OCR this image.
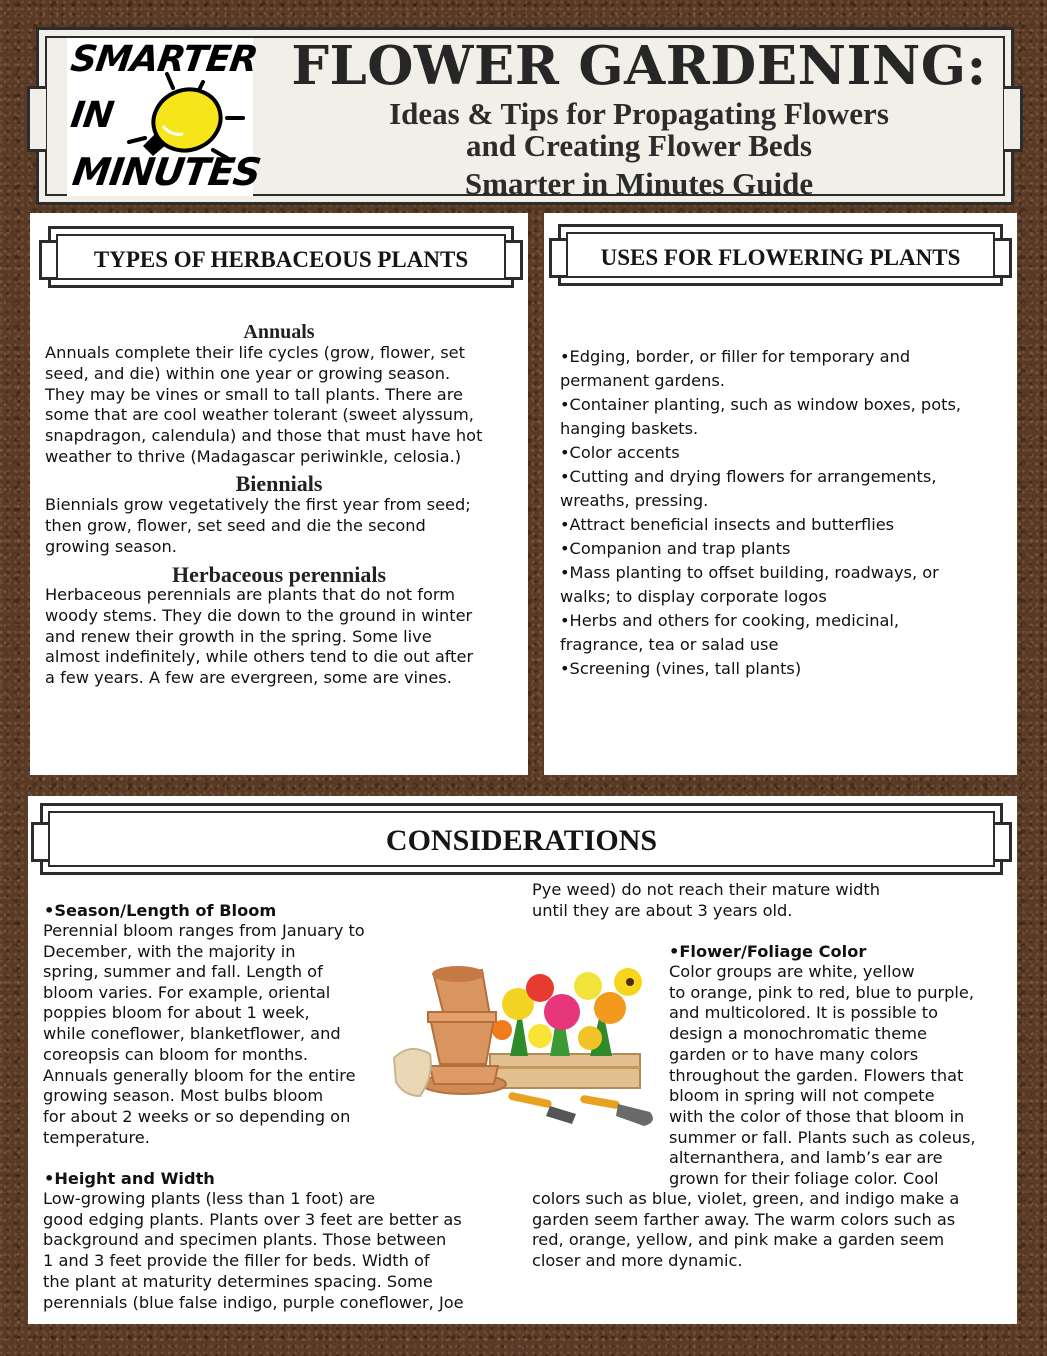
SMARTER
IN
MINUTES
FLOWER GARDENING:
Ideas & Tips for Propagating Flowers
and Creating Flower Beds
Smarter in Minutes Guide
TYPES OF HERBACEOUS PLANTS
Annuals
Annuals complete their life cycles (grow, flower, set
seed, and die) within one year or growing season.
They may be vines or small to tall plants. There are
some that are cool weather tolerant (sweet alyssum,
snapdragon, calendula) and those that must have hot
weather to thrive (Madagascar periwinkle, celosia.)
Biennials
Biennials grow vegetatively the first year from seed;
then grow, flower, set seed and die the second
growing season.
Herbaceous perennials
Herbaceous perennials are plants that do not form
woody stems. They die down to the ground in winter
and renew their growth in the spring. Some live
almost indefinitely, while others tend to die out after
a few years. A few are evergreen, some are vines.
USES FOR FLOWERING PLANTS
•Edging, border, or filler for temporary and
permanent gardens.
•Container planting, such as window boxes, pots,
hanging baskets.
•Color accents
•Cutting and drying flowers for arrangements,
wreaths, pressing.
•Attract beneficial insects and butterflies
•Companion and trap plants
•Mass planting to offset building, roadways, or
walks; to display corporate logos
•Herbs and others for cooking, medicinal,
fragrance, tea or salad use
•Screening (vines, tall plants)
CONSIDERATIONS
•Season/Length of Bloom
Perennial bloom ranges from January to
December, with the majority in
spring, summer and fall. Length of
bloom varies. For example, oriental
poppies bloom for about 1 week,
while coneflower, blanketflower, and
coreopsis can bloom for months.
Annuals generally bloom for the entire
growing season. Most bulbs bloom
for about 2 weeks or so depending on
temperature.
•Height and Width
Low-growing plants (less than 1 foot) are
good edging plants. Plants over 3 feet are better as
background and specimen plants. Those between
1 and 3 feet provide the filler for beds. Width of
the plant at maturity determines spacing. Some
perennials (blue false indigo, purple coneflower, Joe
Pye weed) do not reach their mature width
until they are about 3 years old.
•Flower/Foliage Color
Color groups are white, yellow
to orange, pink to red, blue to purple,
and multicolored. It is possible to
design a monochromatic theme
garden or to have many colors
throughout the garden. Flowers that
bloom in spring will not compete
with the color of those that bloom in
summer or fall. Plants such as coleus,
alternanthera, and lamb’s ear are
grown for their foliage color. Cool
colors such as blue, violet, green, and indigo make a
garden seem farther away. The warm colors such as
red, orange, yellow, and pink make a garden seem
closer and more dynamic.
